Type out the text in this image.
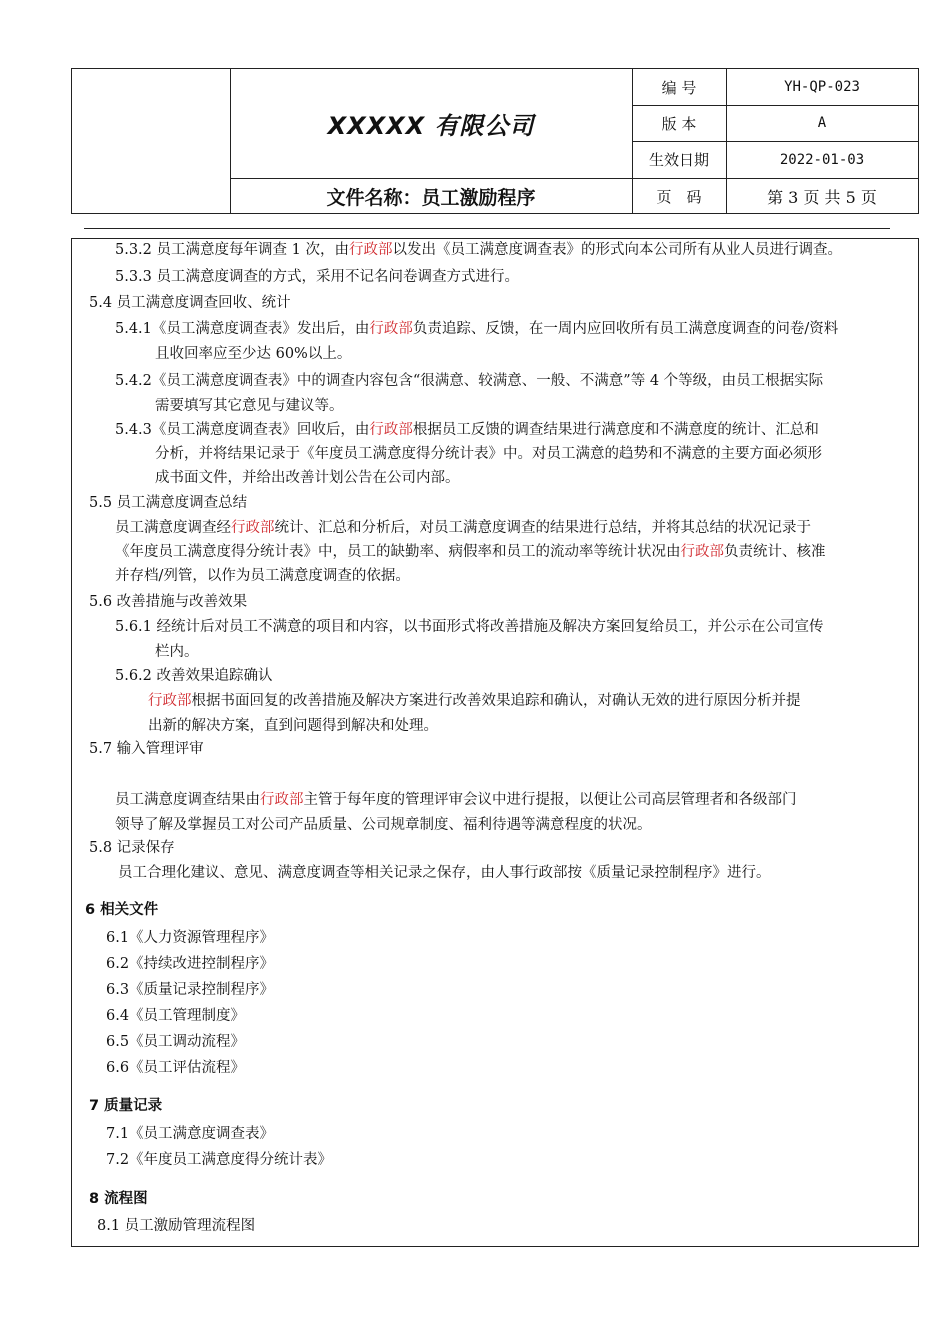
XXXXX 有限公司
文件名称：员工激励程序
编 号	YH-QP-023
版 本	A
生效日期	2022-01-03
页　码	第 3 页 共 5 页
5.3.2 员工满意度每年调查 1 次，由行政部以发出《员工满意度调查表》的形式向本公司所有从业人员进行调查。
5.3.3 员工满意度调查的方式，采用不记名问卷调查方式进行。
5.4 员工满意度调查回收、统计
5.4.1《员工满意度调查表》发出后，由行政部负责追踪、反馈，在一周内应回收所有员工满意度调查的问卷/资料
且收回率应至少达 60%以上。
5.4.2《员工满意度调查表》中的调查内容包含“很满意、较满意、一般、不满意”等 4 个等级，由员工根据实际
需要填写其它意见与建议等。
5.4.3《员工满意度调查表》回收后，由行政部根据员工反馈的调查结果进行满意度和不满意度的统计、汇总和
分析，并将结果记录于《年度员工满意度得分统计表》中。对员工满意的趋势和不满意的主要方面必须形
成书面文件，并给出改善计划公告在公司内部。
5.5 员工满意度调查总结
员工满意度调查经行政部统计、汇总和分析后，对员工满意度调查的结果进行总结，并将其总结的状况记录于
《年度员工满意度得分统计表》中，员工的缺勤率、病假率和员工的流动率等统计状况由行政部负责统计、核准
并存档/列管，以作为员工满意度调查的依据。
5.6 改善措施与改善效果
5.6.1 经统计后对员工不满意的项目和内容，以书面形式将改善措施及解决方案回复给员工，并公示在公司宣传
栏内。
5.6.2 改善效果追踪确认
行政部根据书面回复的改善措施及解决方案进行改善效果追踪和确认，对确认无效的进行原因分析并提
出新的解决方案，直到问题得到解决和处理。
5.7 输入管理评审
员工满意度调查结果由行政部主管于每年度的管理评审会议中进行提报，以便让公司高层管理者和各级部门
领导了解及掌握员工对公司产品质量、公司规章制度、福利待遇等满意程度的状况。
5.8 记录保存
员工合理化建议、意见、满意度调查等相关记录之保存，由人事行政部按《质量记录控制程序》进行。
6 相关文件
6.1《人力资源管理程序》
6.2《持续改进控制程序》
6.3《质量记录控制程序》
6.4《员工管理制度》
6.5《员工调动流程》
6.6《员工评估流程》
7 质量记录
7.1《员工满意度调查表》
7.2《年度员工满意度得分统计表》
8 流程图
8.1 员工激励管理流程图
